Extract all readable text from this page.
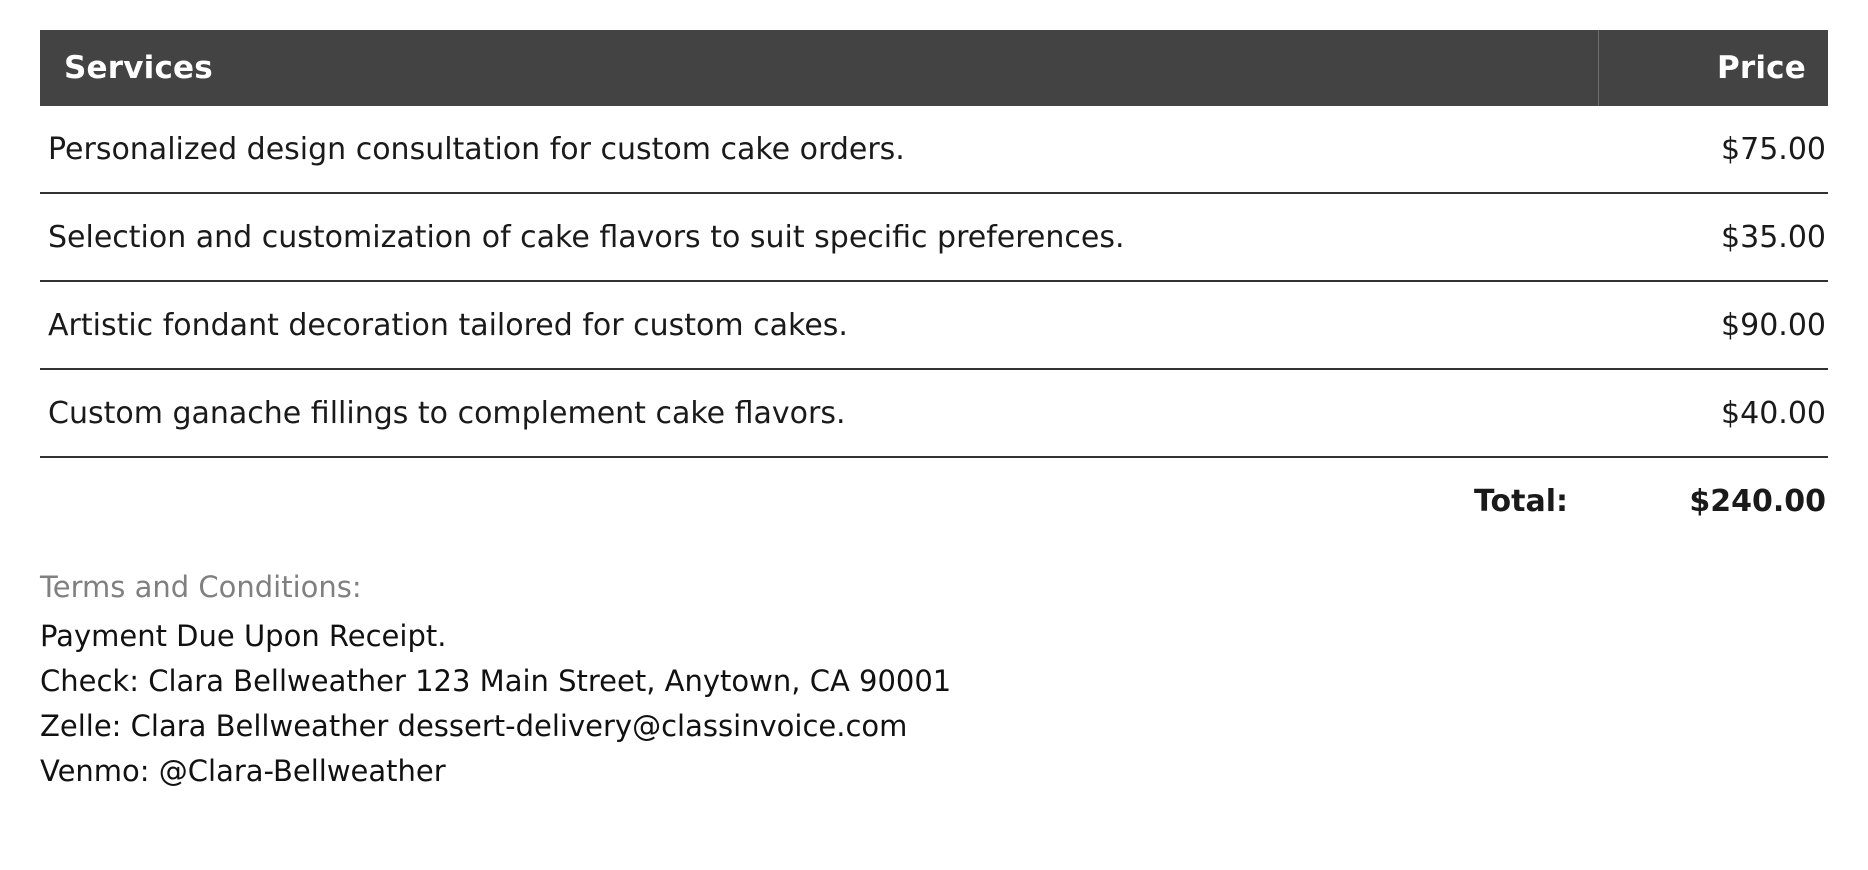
Services	Price
Personalized design consultation for custom cake orders.	$75.00
Selection and customization of cake flavors to suit specific preferences.	$35.00
Artistic fondant decoration tailored for custom cakes.	$90.00
Custom ganache fillings to complement cake flavors.	$40.00
Total:	$240.00
Terms and Conditions:
Payment Due Upon Receipt.
Check: Clara Bellweather 123 Main Street, Anytown, CA 90001
Zelle: Clara Bellweather dessert-delivery@classinvoice.com
Venmo: @Clara-Bellweather
